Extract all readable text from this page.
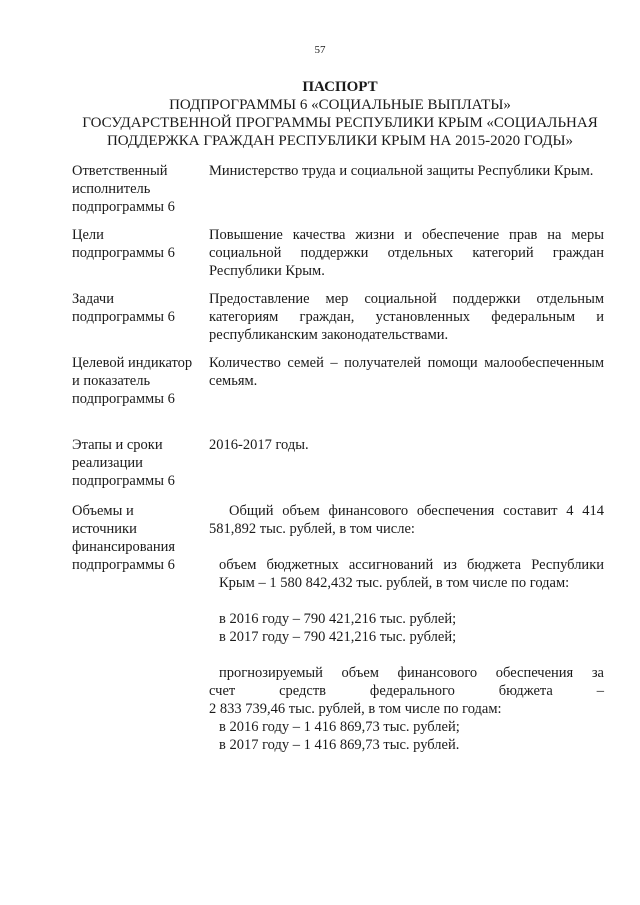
57
ПАСПОРТ
ПОДПРОГРАММЫ 6 «СОЦИАЛЬНЫЕ ВЫПЛАТЫ»
ГОСУДАРСТВЕННОЙ ПРОГРАММЫ РЕСПУБЛИКИ КРЫМ «СОЦИАЛЬНАЯ
ПОДДЕРЖКА ГРАЖДАН РЕСПУБЛИКИ КРЫМ НА 2015-2020 ГОДЫ»
Ответственный исполнитель подпрограммы 6
Министерство труда и социальной защиты Республики Крым.
Цели подпрограммы 6
Повышение качества жизни и обеспечение прав на меры социальной поддержки отдельных категорий граждан Республики Крым.
Задачи подпрограммы 6
Предоставление мер социальной поддержки отдельным категориям граждан, установленных федеральным и республиканским законодательствами.
Целевой индикатор и показатель подпрограммы 6
Количество семей – получателей помощи малообеспеченным семьям.
Этапы и сроки реализации подпрограммы 6
2016-2017 годы.
Объемы и источники финансирования подпрограммы 6

Общий объем финансового обеспечения составит 4 414 581,892 тыс. рублей, в том числе:

объем бюджетных ассигнований из бюджета Республики Крым – 1 580 842,432 тыс. рублей, в том числе по годам:

в 2016 году – 790 421,216 тыс. рублей;

в 2017 году – 790 421,216 тыс. рублей;

прогнозируемый объем финансового обеспечения за

счет средств федерального бюджета –

2 833 739,46 тыс. рублей, в том числе по годам:

в 2016 году – 1 416 869,73 тыс. рублей;

в 2017 году – 1 416 869,73 тыс. рублей.
